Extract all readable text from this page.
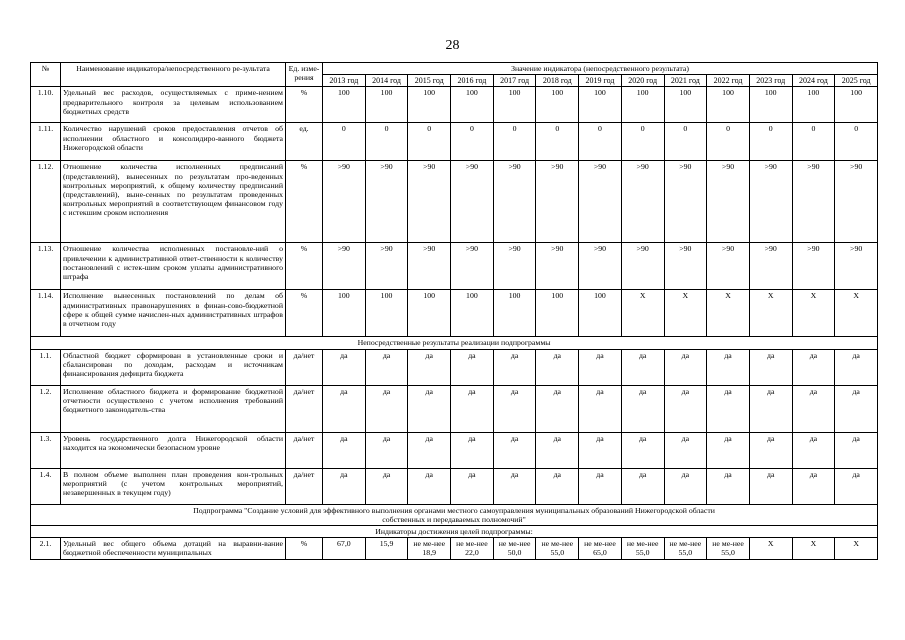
28
№	Наименование индикатора/непосредственного ре-зультата	Ед. изме-рения	Значение индикатора (непосредственного результата)												
			2013 год	2014 год	2015 год	2016 год	2017 год	2018 год	2019 год	2020 год	2021 год	2022 год	2023 год	2024 год	2025 год
1.10.	Удельный вес расходов, осуществляемых с приме-нением предварительного контроля за целевым использованием бюджетных средств	%	100	100	100	100	100	100	100	100	100	100	100	100	100
1.11.	Количество нарушений сроков предоставления отчетов об исполнении областного и консолидиро-ванного бюджета Нижегородской области	ед.	0	0	0	0	0	0	0	0	0	0	0	0	0
1.12.	Отношение количества исполненных предписаний (представлений), вынесенных по результатам про-веденных контрольных мероприятий, к общему количеству предписаний (представлений), выне-сенных по результатам проведенных контрольных мероприятий в соответствующем финансовом году с истекшим сроком исполнения	%	>90	>90	>90	>90	>90	>90	>90	>90	>90	>90	>90	>90	>90
1.13.	Отношение количества исполненных постановле-ний о привлечении к административной ответ-ственности к количеству постановлений с истек-шим сроком уплаты административного штрафа	%	>90	>90	>90	>90	>90	>90	>90	>90	>90	>90	>90	>90	>90
1.14.	Исполнение вынесенных постановлений по делам об административных правонарушениях в финан-сово-бюджетной сфере к общей сумме начислен-ных административных штрафов в отчетном году	%	100	100	100	100	100	100	100	X	X	X	X	X	X

Непосредственные результаты реализации подпрограммы															

1.1.	Областной бюджет сформирован в установленные сроки и сбалансирован по доходам, расходам и источникам финансирования дефицита бюджета	да/нет	да	да	да	да	да	да	да	да	да	да	да	да	да
1.2.	Исполнение областного бюджета и формирование бюджетной отчетности осуществлено с учетом исполнения требований бюджетного законодатель-ства	да/нет	да	да	да	да	да	да	да	да	да	да	да	да	да
1.3.	Уровень государственного долга Нижегородской области находится на экономически безопасном уровне	да/нет	да	да	да	да	да	да	да	да	да	да	да	да	да
1.4.	В полном объеме выполнен план проведения кон-трольных мероприятий (с учетом контрольных мероприятий, незавершенных в текущем году)	да/нет	да	да	да	да	да	да	да	да	да	да	да	да	да

Подпрограмма "Создание условий для эффективного выполнения органами местного самоуправления муниципальных образований Нижегородской области
собственных и передаваемых полномочий"															

Индикаторы достижения целей подпрограммы:															

2.1.	Удельный вес общего объема дотаций на выравни-вание бюджетной обеспеченности муниципальных	%	67,0	15,9	не ме-нее 18,9	не ме-нее 22,0	не ме-нее 50,0	не ме-нее 55,0	не ме-нее 65,0	не ме-нее 55,0	не ме-нее 55,0	не ме-нее 55,0	X	X	X
